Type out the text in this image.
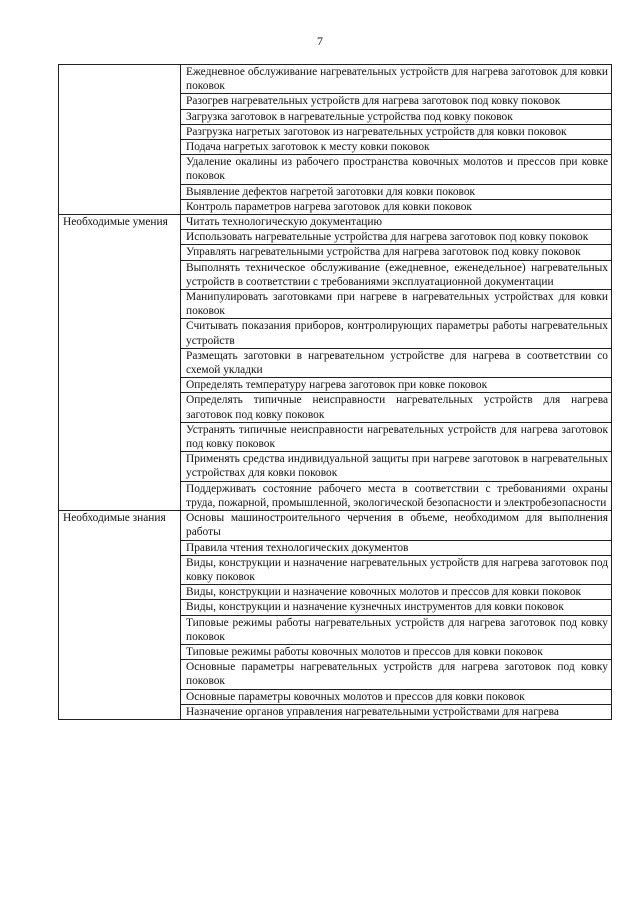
7
	Ежедневное обслуживание нагревательных устройств для нагрева заготовок для ковки поковок
	Разогрев нагревательных устройств для нагрева заготовок под ковку поковок
	Загрузка заготовок в нагревательные устройства под ковку поковок
	Разгрузка нагретых заготовок из нагревательных устройств для ковки поковок
	Подача нагретых заготовок к месту ковки поковок
	Удаление окалины из рабочего пространства ковочных молотов и прессов при ковке поковок
	Выявление дефектов нагретой заготовки для ковки поковок
	Контроль параметров нагрева заготовок для ковки поковок
Необходимые умения	Читать технологическую документацию
	Использовать нагревательные устройства для нагрева заготовок под ковку поковок
	Управлять нагревательными устройства для нагрева заготовок под ковку поковок
	Выполнять техническое обслуживание (ежедневное, еженедельное) нагревательных устройств в соответствии с требованиями эксплуатационной документации
	Манипулировать заготовками при нагреве в нагревательных устройствах для ковки поковок
	Считывать показания приборов, контролирующих параметры работы нагревательных устройств
	Размещать заготовки в нагревательном устройстве для нагрева в соответствии со схемой укладки
	Определять температуру нагрева заготовок при ковке поковок
	Определять типичные неисправности нагревательных устройств для нагрева заготовок под ковку поковок
	Устранять типичные неисправности нагревательных устройств для нагрева заготовок под ковку поковок
	Применять средства индивидуальной защиты при нагреве заготовок в нагревательных устройствах для ковки поковок
	Поддерживать состояние рабочего места в соответствии с требованиями охраны труда, пожарной, промышленной, экологической безопасности и электробезопасности
Необходимые знания	Основы машиностроительного черчения в объеме, необходимом для выполнения работы
	Правила чтения технологических документов
	Виды, конструкции и назначение нагревательных устройств для нагрева заготовок под ковку поковок
	Виды, конструкции и назначение ковочных молотов и прессов для ковки поковок
	Виды, конструкции и назначение кузнечных инструментов для ковки поковок
	Типовые режимы работы нагревательных устройств для нагрева заготовок под ковку поковок
	Типовые режимы работы ковочных молотов и прессов для ковки поковок
	Основные параметры нагревательных устройств для нагрева заготовок под ковку поковок
	Основные параметры ковочных молотов и прессов для ковки поковок
	Назначение органов управления нагревательными устройствами для нагрева
